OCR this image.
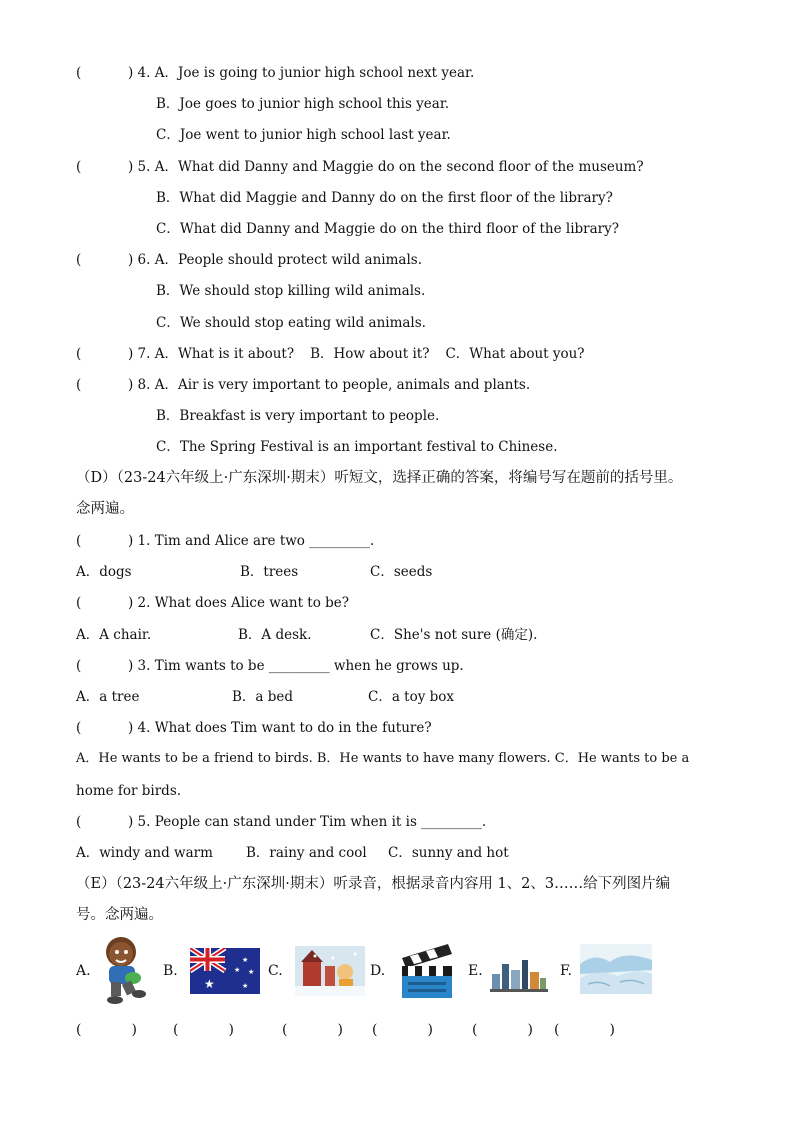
(	) 4. A．Joe is going to junior high school next year.
B．Joe goes to junior high school this year.
C．Joe went to junior high school last year.
(	) 5. A．What did Danny and Maggie do on the second floor of the museum?
B．What did Maggie and Danny do on the first floor of the library?
C．What did Danny and Maggie do on the third floor of the library?
(	) 6. A．People should protect wild animals.
B．We should stop killing wild animals.
C．We should stop eating wild animals.
(	) 7. A．What is it about? B．How about it? C．What about you?
(	) 8. A．Air is very important to people, animals and plants.
B．Breakfast is very important to people.
C．The Spring Festival is an important festival to Chinese.
（D）（23-24六年级上·广东深圳·期末）听短文，选择正确的答案，将编号写在题前的括号里。
念两遍。
(	) 1. Tim and Alice are two _________.
A．dogs	B．trees	C．seeds
(	) 2. What does Alice want to be?
A．A chair.	B．A desk.	C．She's not sure (确定).
(	) 3. Tim wants to be _________ when he grows up.
A．a tree	B．a bed	C．a toy box
(	) 4. What does Tim want to do in the future?
A．He wants to be a friend to birds. B．He wants to have many flowers. C．He wants to be a
home for birds.
(	) 5. People can stand under Tim when it is _________.
A．windy and warm B．rainy and cool C．sunny and hot
（E）（23-24六年级上·广东深圳·期末）听录音，根据录音内容用 1、2、3……给下列图片编
号。念两遍。
A.	B.	C.	D.	E.	F.
★
★
★ ★
★
(	)	(	)	(	) (	)	(	) (	)
